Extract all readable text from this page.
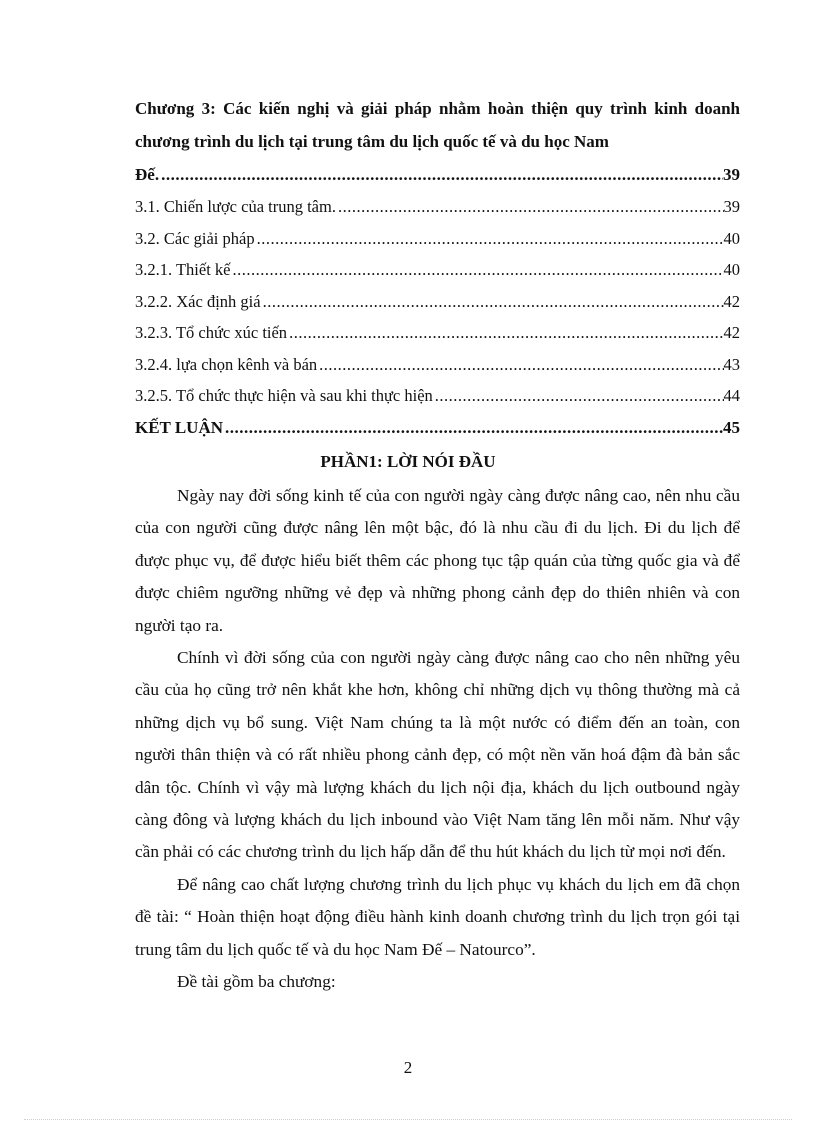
Chương 3: Các kiến nghị và giải pháp nhằm hoàn thiện quy trình kinh doanh chương trình du lịch tại trung tâm du lịch quốc tế và du học Nam

Đế. .....	39
3.1. Chiến lược của trung tâm. .....	39
3.2. Các giải pháp .....	40
3.2.1. Thiết kế .....	40
3.2.2. Xác định giá .....	42
3.2.3. Tổ chức xúc tiến .....	42
3.2.4. lựa chọn kênh và bán .....	43
3.2.5. Tổ chức thực hiện và sau khi thực hiện .....	44
KẾT LUẬN .....	45
PHẦN1: LỜI NÓI ĐẦU

Ngày nay đời sống kinh tế của con người ngày càng được nâng cao, nên nhu cầu của con người cũng được nâng lên một bậc, đó là nhu cầu đi du lịch. Đi du lịch để được phục vụ, để được hiểu biết thêm các phong tục tập quán của từng quốc gia và để được chiêm ngưỡng những vẻ đẹp và những phong cảnh đẹp do thiên nhiên và con người tạo ra.

Chính vì đời sống của con người ngày càng được nâng cao cho nên những yêu cầu của họ cũng trở nên khắt khe hơn, không chỉ những dịch vụ thông thường mà cả những dịch vụ bổ sung. Việt Nam chúng ta là một nước có điểm đến an toàn, con người thân thiện và có rất nhiều phong cảnh đẹp, có một nền văn hoá đậm đà bản sắc dân tộc. Chính vì vậy mà lượng khách du lịch nội địa, khách du lịch outbound ngày càng đông và lượng khách du lịch inbound vào Việt Nam tăng lên mỗi năm. Như vậy cần phải có các chương trình du lịch hấp dẫn để thu hút khách du lịch từ mọi nơi đến.

Để nâng cao chất lượng chương trình du lịch phục vụ khách du lịch em đã chọn đề tài: “ Hoàn thiện hoạt động điều hành kinh doanh chương trình du lịch trọn gói tại trung tâm du lịch quốc tế và du học Nam Đế – Natourco”.

Đề tài gồm ba chương:

2
